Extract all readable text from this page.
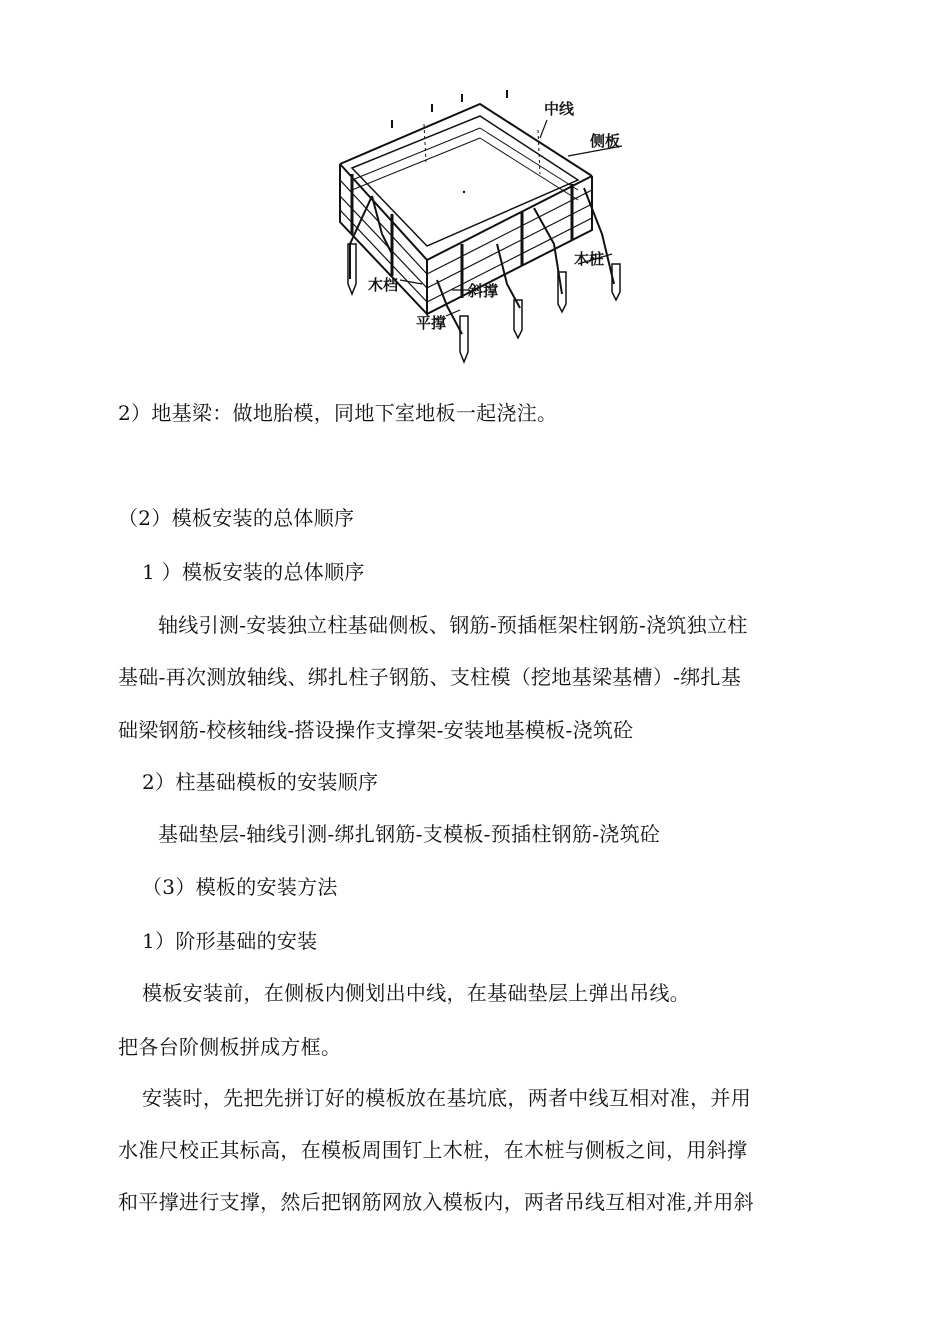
中线
侧板
木桩
木档	斜撑
平撑
2）地基梁：做地胎模，同地下室地板一起浇注。
（2）模板安装的总体顺序
1 ）模板安装的总体顺序
轴线引测-安装独立柱基础侧板、钢筋-预插框架柱钢筋-浇筑独立柱
基础-再次测放轴线、绑扎柱子钢筋、支柱模（挖地基梁基槽）-绑扎基
础梁钢筋-校核轴线-搭设操作支撑架-安装地基模板-浇筑砼
2）柱基础模板的安装顺序
基础垫层-轴线引测-绑扎钢筋-支模板-预插柱钢筋-浇筑砼
（3）模板的安装方法
1）阶形基础的安装
模板安装前，在侧板内侧划出中线，在基础垫层上弹出吊线。
把各台阶侧板拼成方框。
安装时，先把先拼订好的模板放在基坑底，两者中线互相对准，并用
水准尺校正其标高，在模板周围钉上木桩，在木桩与侧板之间，用斜撑
和平撑进行支撑，然后把钢筋网放入模板内，两者吊线互相对准,并用斜
